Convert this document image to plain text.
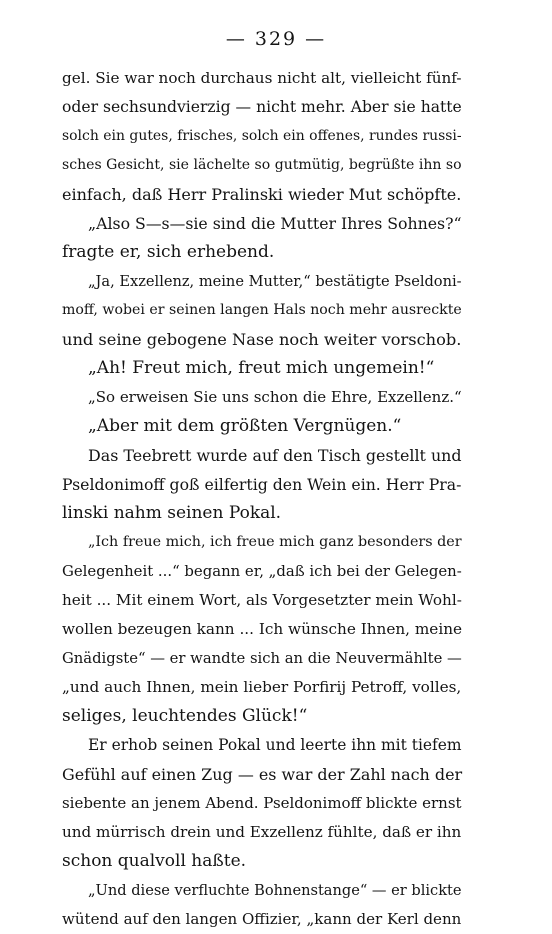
— 329 —
gel. Sie war noch durchaus nicht alt, vielleicht fünf-
oder sechsundvierzig — nicht mehr. Aber sie hatte
solch ein gutes, frisches, solch ein offenes, rundes russi-
sches Gesicht, sie lächelte so gutmütig, begrüßte ihn so
einfach, daß Herr Pralinski wieder Mut schöpfte.
„Also S—s—sie sind die Mutter Ihres Sohnes?“
fragte er, sich erhebend.
„Ja, Exzellenz, meine Mutter,“ bestätigte Pseldoni-
moff, wobei er seinen langen Hals noch mehr ausreckte
und seine gebogene Nase noch weiter vorschob.
„Ah! Freut mich, freut mich ungemein!“
„So erweisen Sie uns schon die Ehre, Exzellenz.“
„Aber mit dem größten Vergnügen.“
Das Teebrett wurde auf den Tisch gestellt und
Pseldonimoff goß eilfertig den Wein ein. Herr Pra-
linski nahm seinen Pokal.
„Ich freue mich, ich freue mich ganz besonders der
Gelegenheit ...“ begann er, „daß ich bei der Gelegen-
heit ... Mit einem Wort, als Vorgesetzter mein Wohl-
wollen bezeugen kann ... Ich wünsche Ihnen, meine
Gnädigste“ — er wandte sich an die Neuvermählte —
„und auch Ihnen, mein lieber Porfirij Petroff, volles,
seliges, leuchtendes Glück!“
Er erhob seinen Pokal und leerte ihn mit tiefem
Gefühl auf einen Zug — es war der Zahl nach der
siebente an jenem Abend. Pseldonimoff blickte ernst
und mürrisch drein und Exzellenz fühlte, daß er ihn
schon qualvoll haßte.
„Und diese verfluchte Bohnenstange“ — er blickte
wütend auf den langen Offizier, „kann der Kerl denn
